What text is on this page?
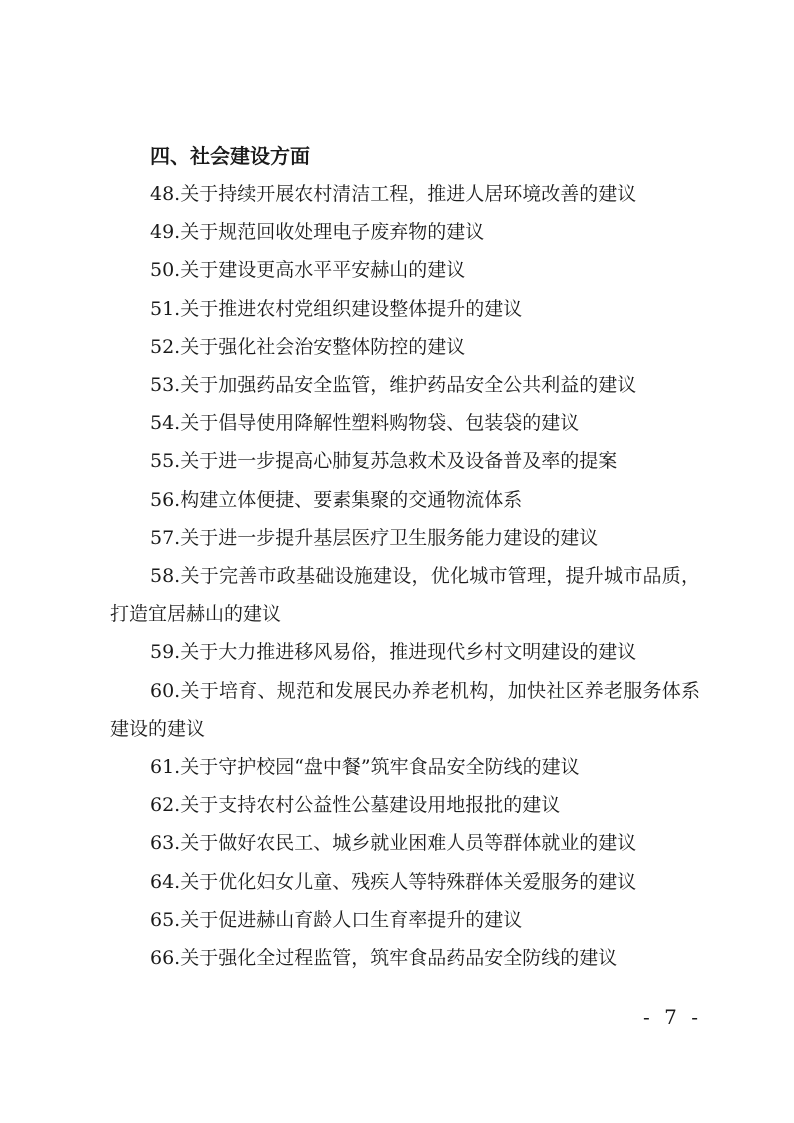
四、社会建设方面

48.关于持续开展农村清洁工程，推进人居环境改善的建议

49.关于规范回收处理电子废弃物的建议

50.关于建设更高水平平安赫山的建议

51.关于推进农村党组织建设整体提升的建议

52.关于强化社会治安整体防控的建议

53.关于加强药品安全监管，维护药品安全公共利益的建议

54.关于倡导使用降解性塑料购物袋、包装袋的建议

55.关于进一步提高心肺复苏急救术及设备普及率的提案

56.构建立体便捷、要素集聚的交通物流体系

57.关于进一步提升基层医疗卫生服务能力建设的建议

58.关于完善市政基础设施建设，优化城市管理，提升城市品质，打造宜居赫山的建议

59.关于大力推进移风易俗，推进现代乡村文明建设的建议

60.关于培育、规范和发展民办养老机构，加快社区养老服务体系建设的建议

61.关于守护校园“盘中餐”筑牢食品安全防线的建议

62.关于支持农村公益性公墓建设用地报批的建议

63.关于做好农民工、城乡就业困难人员等群体就业的建议

64.关于优化妇女儿童、残疾人等特殊群体关爱服务的建议

65.关于促进赫山育龄人口生育率提升的建议

66.关于强化全过程监管，筑牢食品药品安全防线的建议

- 7 -
